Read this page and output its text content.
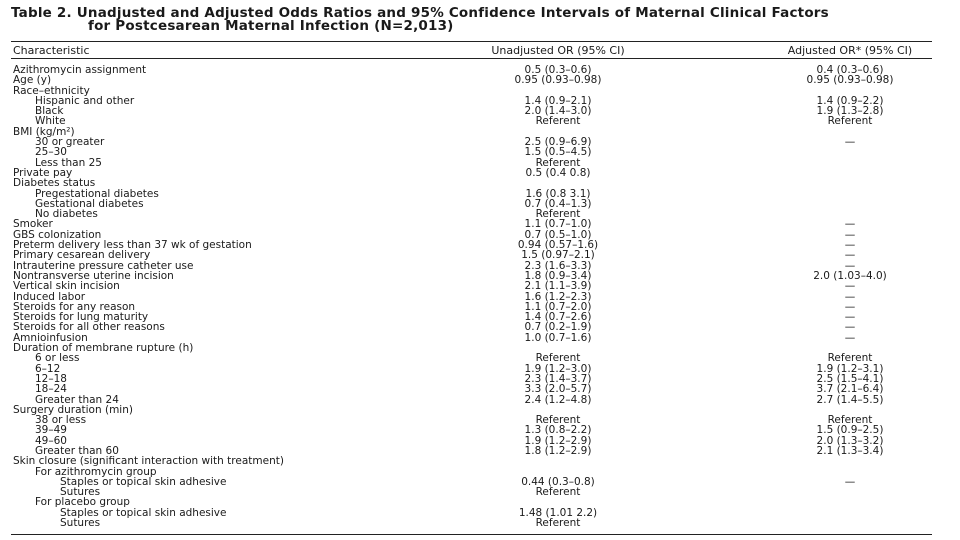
Table 2. Unadjusted and Adjusted Odds Ratios and 95% Confidence Intervals of Maternal Clinical Factors
for Postcesarean Maternal Infection (N=2,013)
Characteristic	Unadjusted OR (95% CI)	Adjusted OR* (95% CI)
Azithromycin assignment	0.5 (0.3–0.6)	0.4 (0.3–0.6)
Age (y)	0.95 (0.93–0.98)	0.95 (0.93–0.98)
Race–ethnicity
Hispanic and other	1.4 (0.9–2.1)	1.4 (0.9–2.2)
Black	2.0 (1.4–3.0)	1.9 (1.3–2.8)
White	Referent	Referent
BMI (kg/m²)
30 or greater	2.5 (0.9–6.9)	—
25–30	1.5 (0.5–4.5)
Less than 25	Referent
Private pay	0.5 (0.4 0.8)
Diabetes status
Pregestational diabetes	1.6 (0.8 3.1)
Gestational diabetes	0.7 (0.4–1.3)
No diabetes	Referent
Smoker	1.1 (0.7–1.0)	—
GBS colonization	0.7 (0.5–1.0)	—
Preterm delivery less than 37 wk of gestation	0.94 (0.57–1.6)	—
Primary cesarean delivery	1.5 (0.97–2.1)	—
Intrauterine pressure catheter use	2.3 (1.6–3.3)	—
Nontransverse uterine incision	1.8 (0.9–3.4)	2.0 (1.03–4.0)
Vertical skin incision	2.1 (1.1–3.9)	—
Induced labor	1.6 (1.2–2.3)	—
Steroids for any reason	1.1 (0.7–2.0)	—
Steroids for lung maturity	1.4 (0.7–2.6)	—
Steroids for all other reasons	0.7 (0.2–1.9)	—
Amnioinfusion	1.0 (0.7–1.6)	—
Duration of membrane rupture (h)
6 or less	Referent	Referent
6–12	1.9 (1.2–3.0)	1.9 (1.2–3.1)
12–18	2.3 (1.4–3.7)	2.5 (1.5–4.1)
18–24	3.3 (2.0–5.7)	3.7 (2.1–6.4)
Greater than 24	2.4 (1.2–4.8)	2.7 (1.4–5.5)
Surgery duration (min)
38 or less	Referent	Referent
39–49	1.3 (0.8–2.2)	1.5 (0.9–2.5)
49–60	1.9 (1.2–2.9)	2.0 (1.3–3.2)
Greater than 60	1.8 (1.2–2.9)	2.1 (1.3–3.4)
Skin closure (significant interaction with treatment)
For azithromycin group
Staples or topical skin adhesive	0.44 (0.3–0.8)	—
Sutures	Referent
For placebo group
Staples or topical skin adhesive	1.48 (1.01 2.2)
Sutures	Referent
